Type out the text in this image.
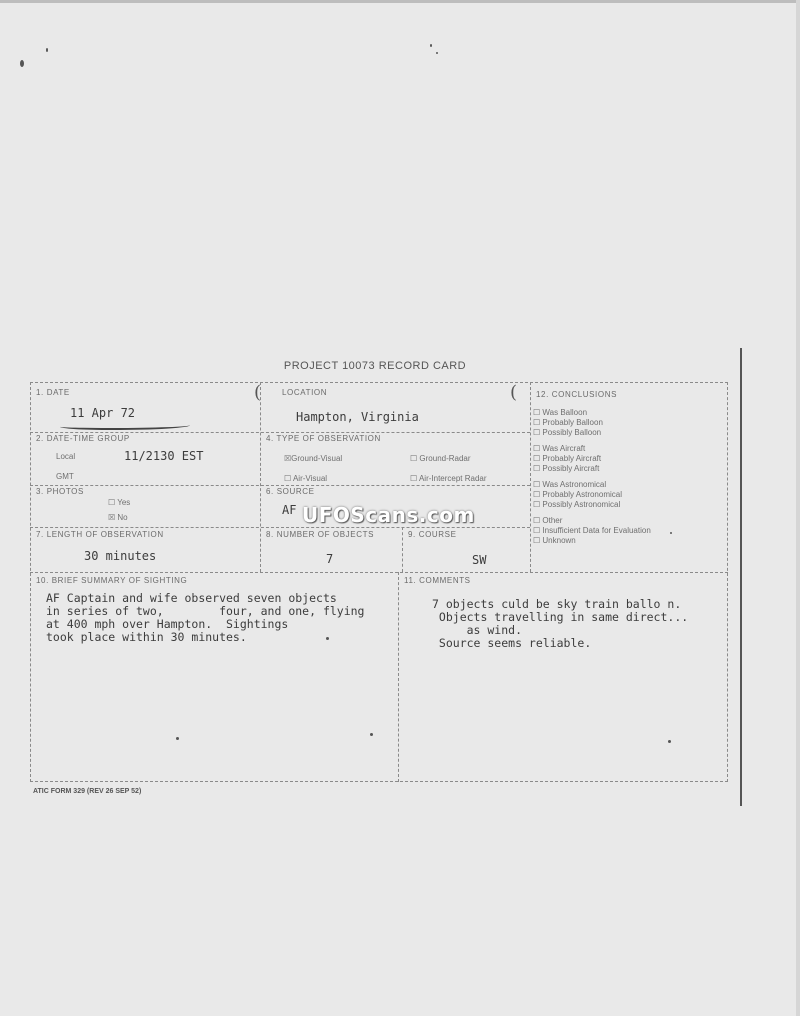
PROJECT 10073 RECORD CARD
1. DATE
11 Apr 72
(	LOCATION
Hampton, Virginia
(
2. DATE-TIME GROUP
Local	11/2130 EST
GMT
4. TYPE OF OBSERVATION
☒Ground-Visual	☐ Ground-Radar
☐ Air-Visual	☐ Air-Intercept Radar
3. PHOTOS
☐ Yes
☒ No
6. SOURCE
AF
7. LENGTH OF OBSERVATION
30 minutes
8. NUMBER OF OBJECTS
7
9. COURSE
SW
12. CONCLUSIONS
☐ Was Balloon
☐ Probably Balloon
☐ Possibly Balloon
☐ Was Aircraft
☐ Probably Aircraft
☐ Possibly Aircraft
☐ Was Astronomical
☐ Probably Astronomical
☐ Possibly Astronomical
☐ Other
☐ Insufficient Data for Evaluation
☐ Unknown
10. BRIEF SUMMARY OF SIGHTING
AF Captain and wife observed seven objects
in series of two,        four, and one, flying
at 400 mph over Hampton.  Sightings
took place within 30 minutes.
11. COMMENTS
7 objects culd be sky train ballo n.
Objects travelling in same direct...
as wind.
Source seems reliable.
UFOScans.com
ATIC FORM 329 (REV 26 SEP 52)
